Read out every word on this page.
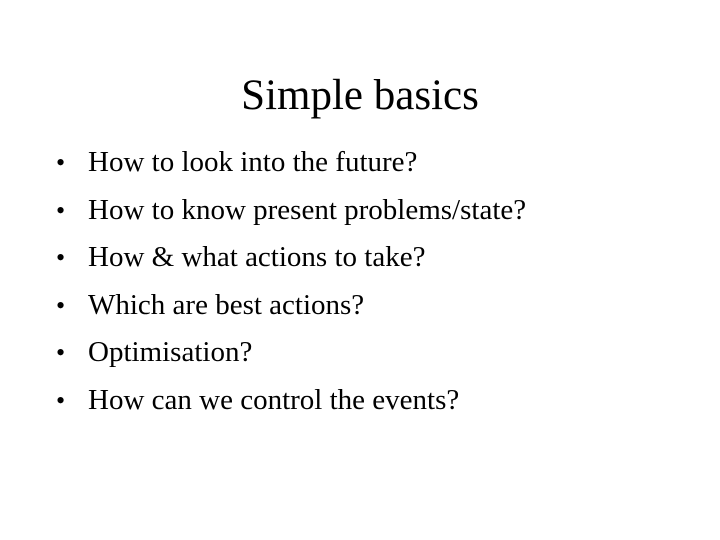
Simple basics
• How to look into the future?
• How to know present problems/state?
• How & what actions to take?
• Which are best actions?
• Optimisation?
• How can we control the events?
